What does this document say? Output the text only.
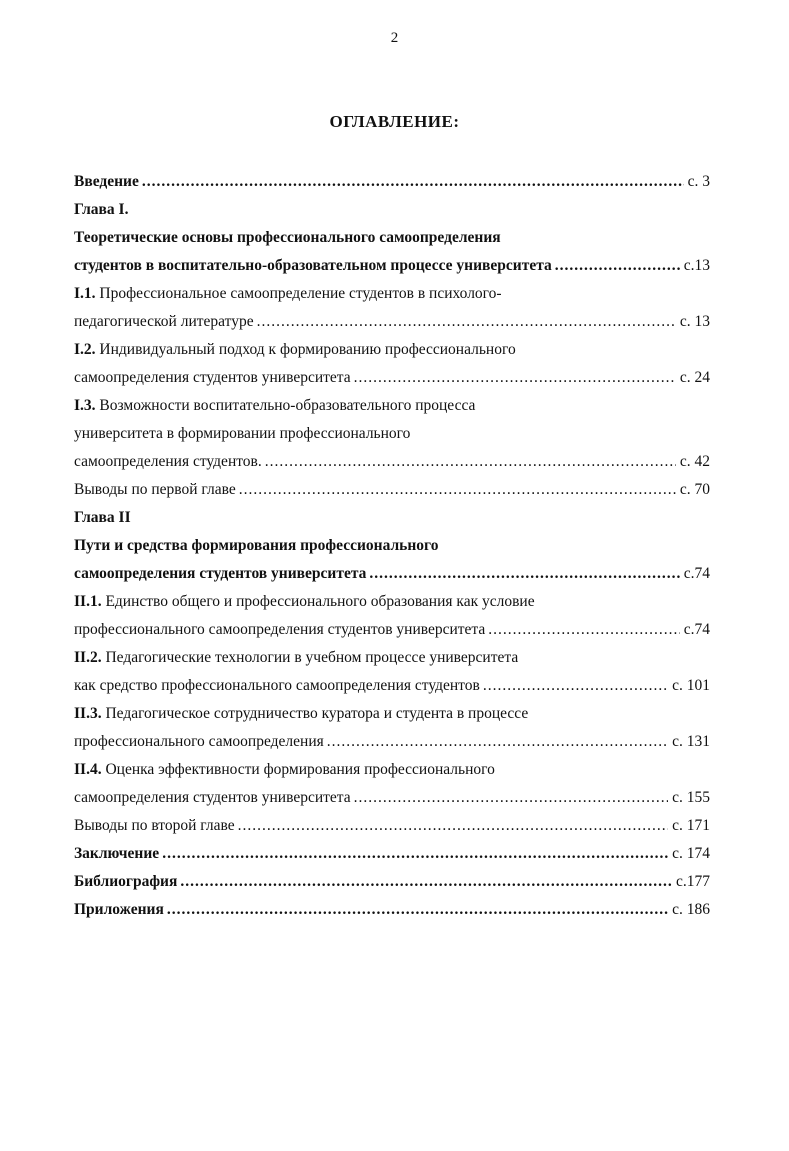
2
ОГЛАВЛЕНИЕ:
Введение .....	с. 3
Глава I.
Теоретические основы профессионального самоопределения
студентов в воспитательно-образовательном процессе университета .....	с.13
I.1. Профессиональное самоопределение студентов в психолого-
педагогической литературе .....	с. 13
I.2. Индивидуальный подход к формированию профессионального
самоопределения студентов университета .....	с. 24
I.3. Возможности воспитательно-образовательного процесса
университета в формировании профессионального
самоопределения студентов. .....	с. 42
Выводы по первой главе .....	с. 70
Глава II
Пути и средства формирования профессионального
самоопределения студентов университета .....	с.74
II.1. Единство общего и профессионального образования как условие
профессионального самоопределения студентов университета .....	с.74
II.2. Педагогические технологии в учебном процессе университета
как средство профессионального самоопределения студентов .....	с. 101
II.3. Педагогическое сотрудничество куратора и студента в процессе
профессионального самоопределения .....	с. 131
II.4. Оценка эффективности формирования профессионального
самоопределения студентов университета .....	с. 155
Выводы по второй главе .....	с. 171
Заключение .....	с. 174
Библиография .....	с.177
Приложения .....	с. 186
